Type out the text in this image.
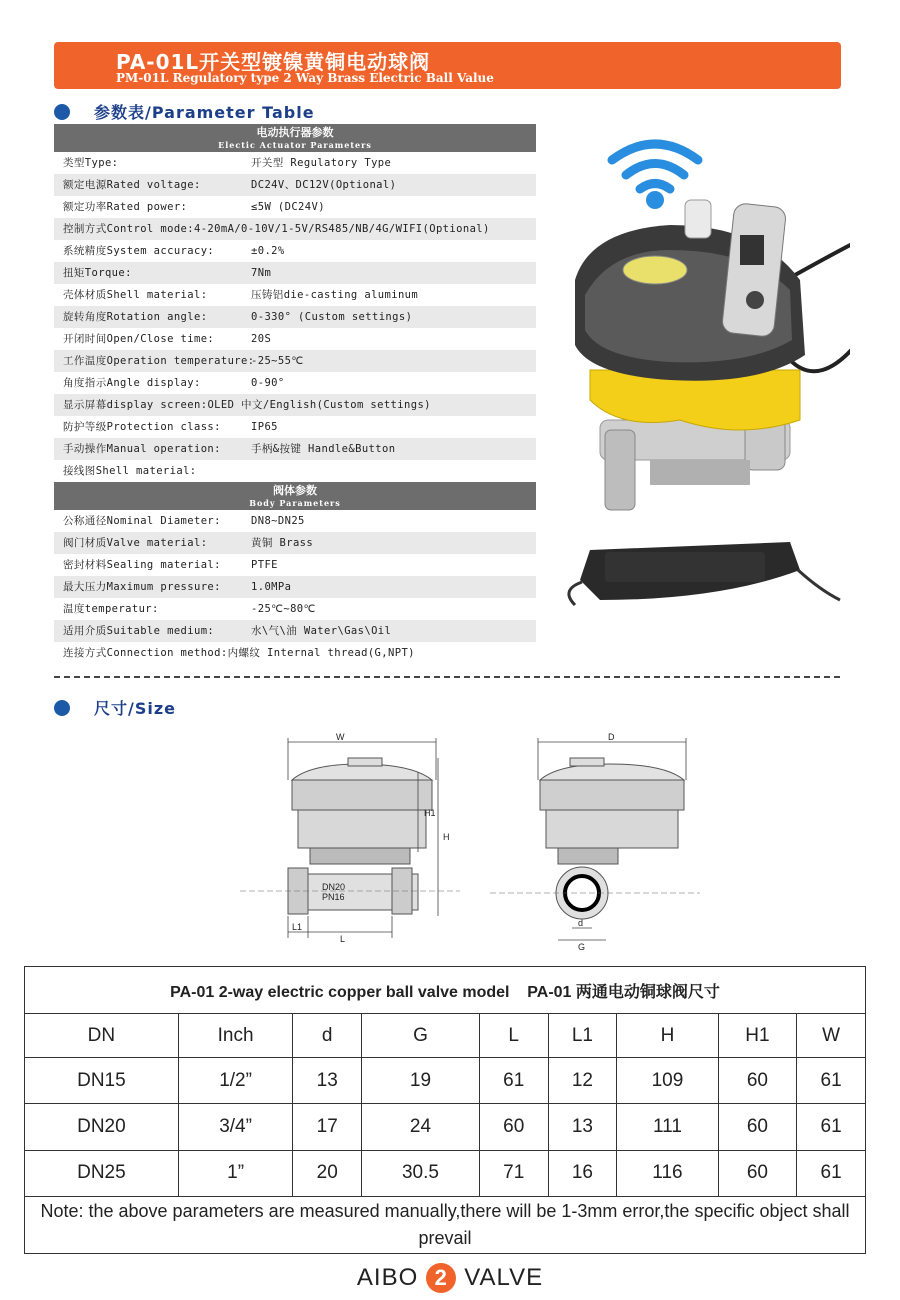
PA-01L开关型镀镍黄铜电动球阀
PM-01L Regulatory type 2 Way Brass Electric Ball Value
参数表/Parameter Table
电动执行器参数
Electic Actuator Parameters
类型Type:	开关型 Regulatory Type
额定电源Rated voltage:	DC24V、DC12V(Optional)
额定功率Rated power:	≤5W (DC24V)
控制方式Control mode:4-20mA/0-10V/1-5V/RS485/NB/4G/WIFI(Optional)
系统精度System accuracy:	±0.2%
扭矩Torque:	7Nm
壳体材质Shell material:	压铸铝die-casting aluminum
旋转角度Rotation angle:	0-330° (Custom settings)
开闭时间Open/Close time:	20S
工作温度Operation temperature:
-25~55℃
角度指示Angle display:	0-90°
显示屏幕display screen:OLED 中文/English(Custom settings)
防护等级Protection class:	IP65
手动操作Manual operation:	手柄&按键 Handle&Button
接线图Shell material:
阀体参数
Body Parameters
公称通径Nominal Diameter:	DN8~DN25
阀门材质Valve material:	黄铜 Brass
密封材料Sealing material:	PTFE
最大压力Maximum pressure:	1.0MPa
温度temperatur:	-25℃~80℃
适用介质Suitable medium:	水\气\油 Water\Gas\Oil
连接方式Connection method:内螺纹 Internal thread(G,NPT)
尺寸/Size
W
DN20
PN16
H1
H
L1
L
D
d
G
PA-01 2-way electric copper ball valve model PA-01 两通电动铜球阀尺寸								
DN	Inch	d	G	L	L1	H	H1	W
DN15	1/2”	13	19	61	12	109	60	61
DN20	3/4”	17	24	60	13	111	60	61
DN25	1”	20	30.5	71	16	116	60	61
Note: the above parameters are measured manually,there will be 1-3mm error,the specific object shall prevail								
AIBO 2 VALVE
